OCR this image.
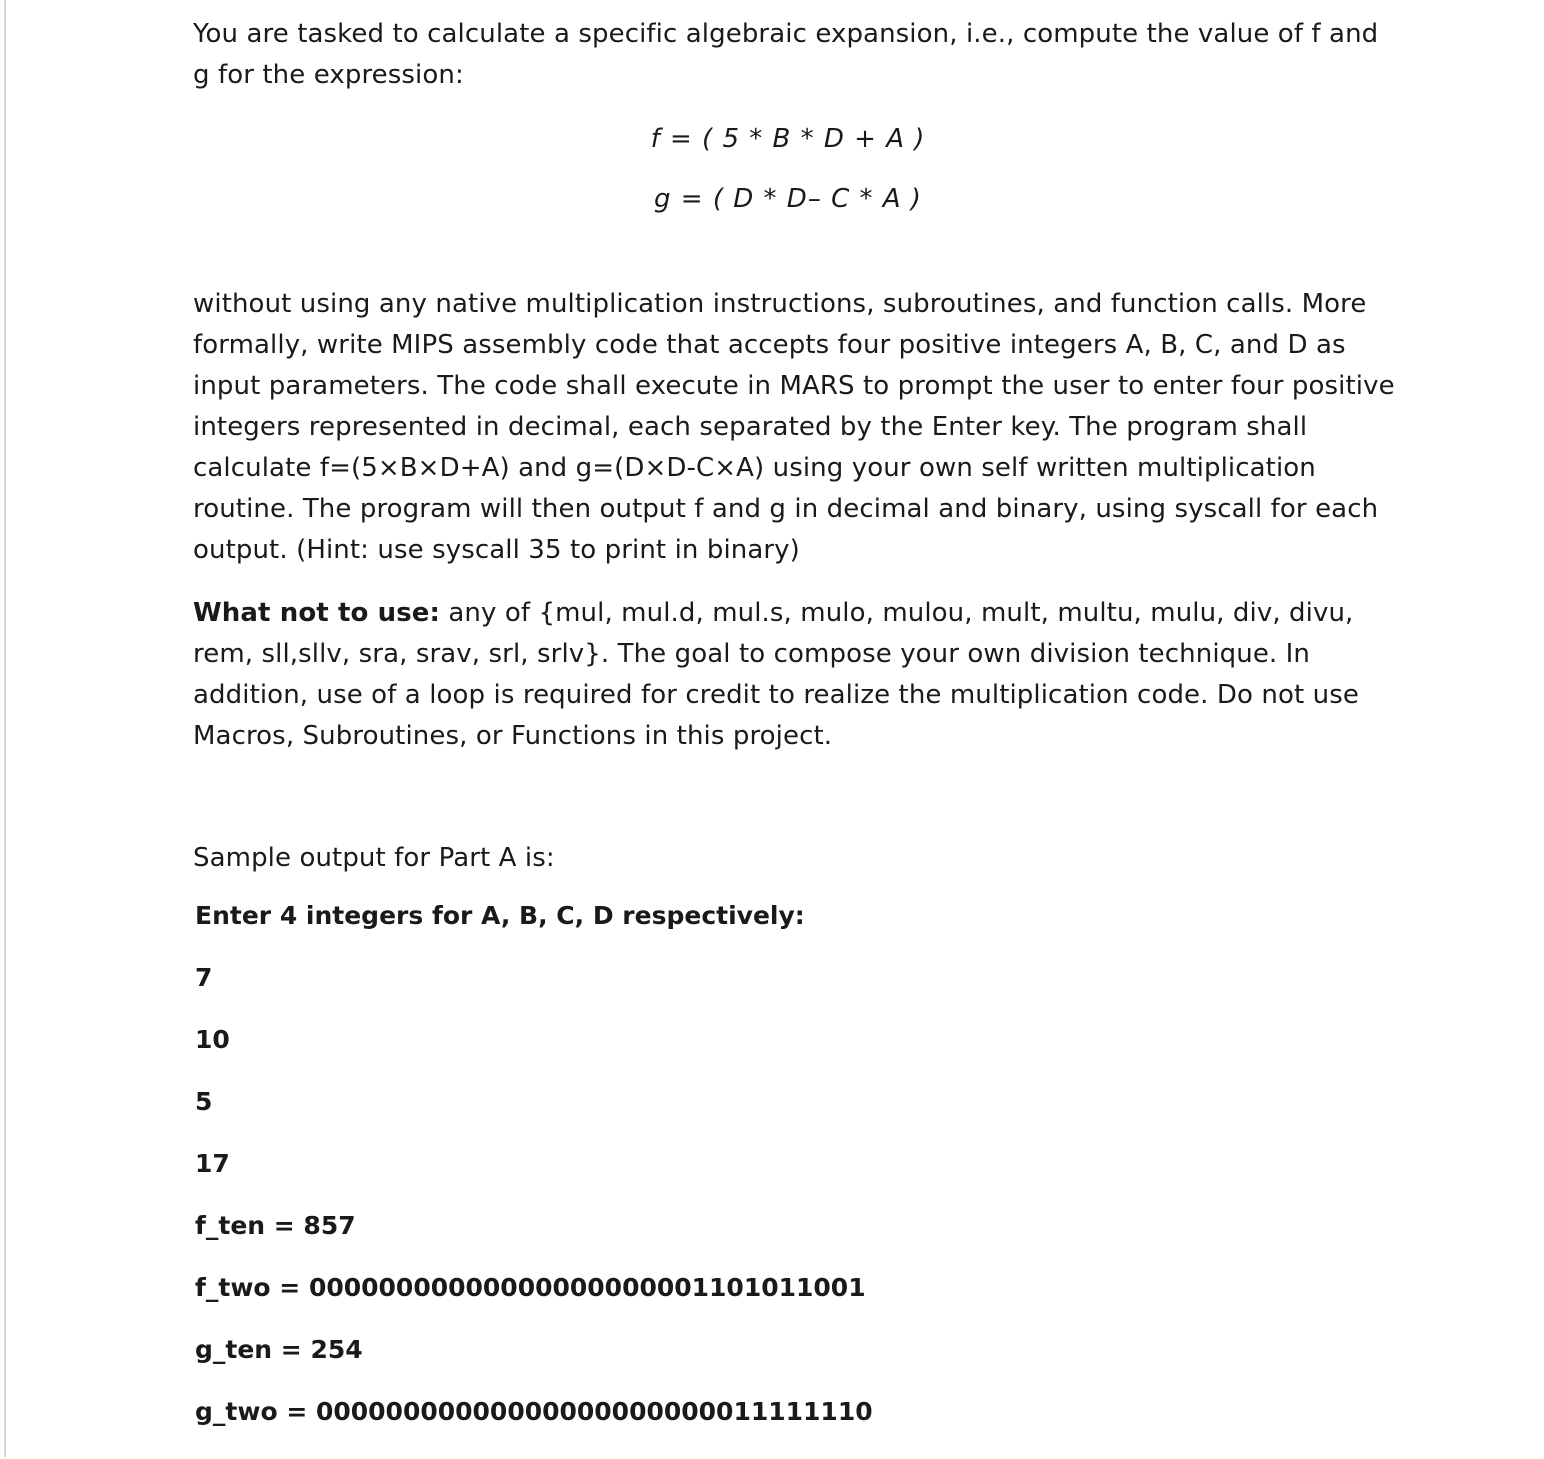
You are tasked to calculate a specific algebraic expansion, i.e., compute the value of f and g for the expression:

f = ( 5 * B * D + A )

g = ( D * D– C * A )

without using any native multiplication instructions, subroutines, and function calls. More formally, write MIPS assembly code that accepts four positive integers A, B, C, and D as input parameters. The code shall execute in MARS to prompt the user to enter four positive integers represented in decimal, each separated by the Enter key. The program shall calculate f=(5×B×D+A) and g=(D×D-C×A) using your own self written multiplication routine. The program will then output f and g in decimal and binary, using syscall for each output. (Hint: use syscall 35 to print in binary)

What not to use: any of {mul, mul.d, mul.s, mulo, mulou, mult, multu, mulu, div, divu, rem, sll,sllv, sra, srav, srl, srlv}. The goal to compose your own division technique. In addition, use of a loop is required for credit to realize the multiplication code. Do not use Macros, Subroutines, or Functions in this project.

Sample output for Part A is:

Enter 4 integers for A, B, C, D respectively:

7

10

5

17

f_ten = 857

f_two = 00000000000000000000001101011001

g_ten = 254

g_two = 00000000000000000000000011111110
